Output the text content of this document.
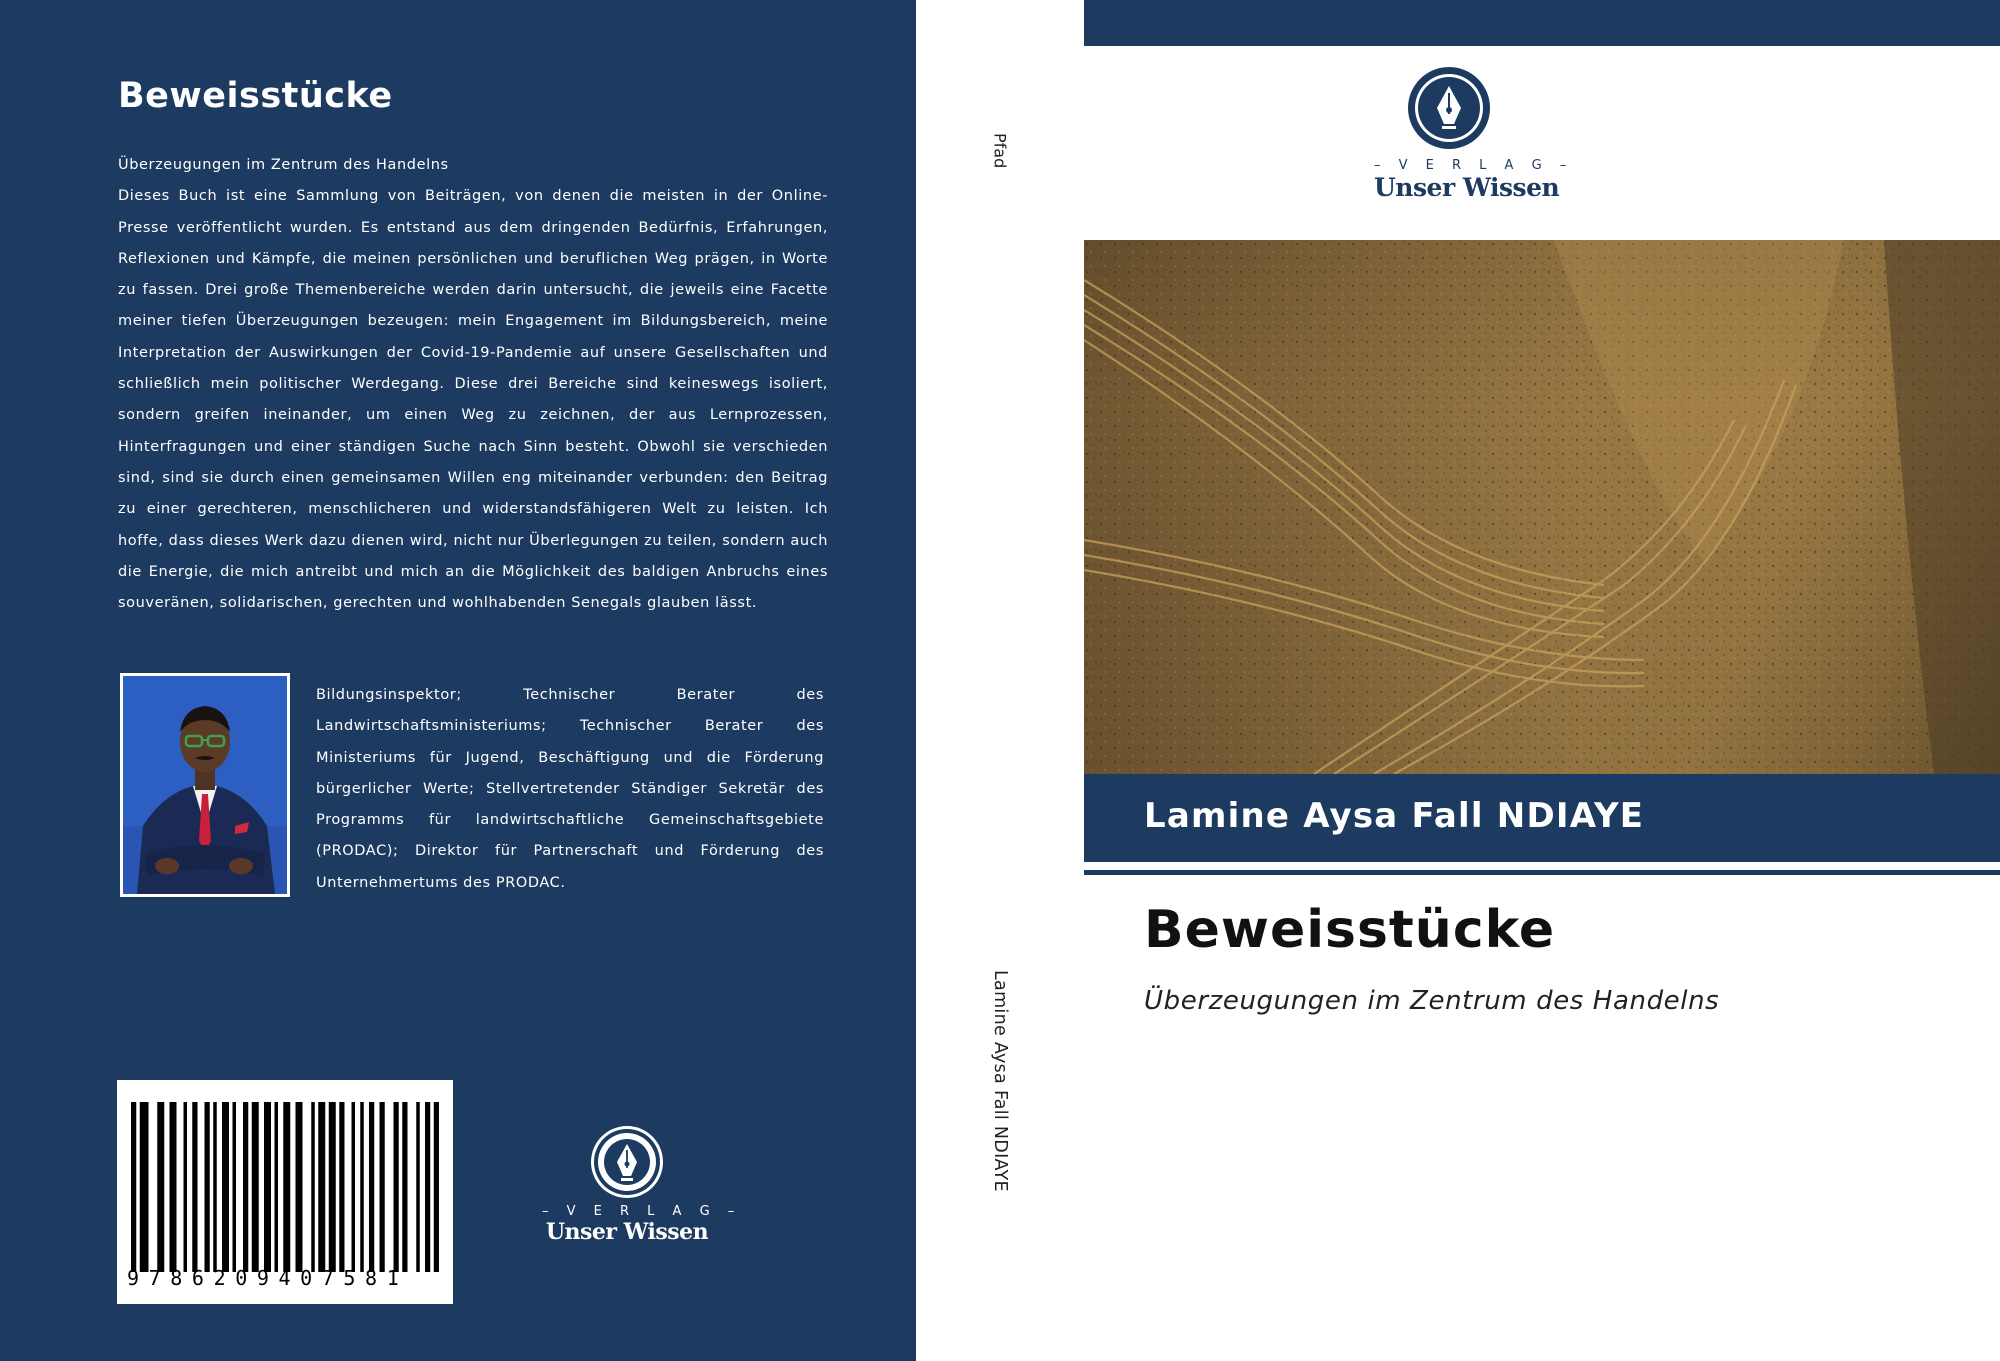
Beweisstücke

Überzeugungen im Zentrum des Handelns

Dieses Buch ist eine Sammlung von Beiträgen, von denen die meisten in der Online-Presse veröffentlicht wurden. Es entstand aus dem dringenden Bedürfnis, Erfahrungen, Reflexionen und Kämpfe, die meinen persönlichen und beruflichen Weg prägen, in Worte zu fassen. Drei große Themenbereiche werden darin untersucht, die jeweils eine Facette meiner tiefen Überzeugungen bezeugen: mein Engagement im Bildungsbereich, meine Interpretation der Auswirkungen der Covid-19-Pandemie auf unsere Gesellschaften und schließlich mein politischer Werdegang. Diese drei Bereiche sind keineswegs isoliert, sondern greifen ineinander, um einen Weg zu zeichnen, der aus Lernprozessen, Hinterfragungen und einer ständigen Suche nach Sinn besteht. Obwohl sie verschieden sind, sind sie durch einen gemeinsamen Willen eng miteinander verbunden: den Beitrag zu einer gerechteren, menschlicheren und widerstandsfähigeren Welt zu leisten. Ich hoffe, dass dieses Werk dazu dienen wird, nicht nur Überlegungen zu teilen, sondern auch die Energie, die mich antreibt und mich an die Möglichkeit des baldigen Anbruchs eines souveränen, solidarischen, gerechten und wohlhabenden Senegals glauben lässt.

Bildungsinspektor; Technischer Berater des Landwirtschaftsministeriums; Technischer Berater des Ministeriums für Jugend, Beschäftigung und die Förderung bürgerlicher Werte; Stellvertretender Ständiger Sekretär des Programms für landwirtschaftliche Gemeinschaftsgebiete (PRODAC); Direktor für Partnerschaft und Förderung des Unternehmertums des PRODAC.
9786209407581
– V E R L A G –
Unser Wissen
Pfad
Lamine Aysa Fall NDIAYE
– V E R L A G –
Unser Wissen
Lamine Aysa Fall NDIAYE
Beweisstücke
Überzeugungen im Zentrum des Handelns
